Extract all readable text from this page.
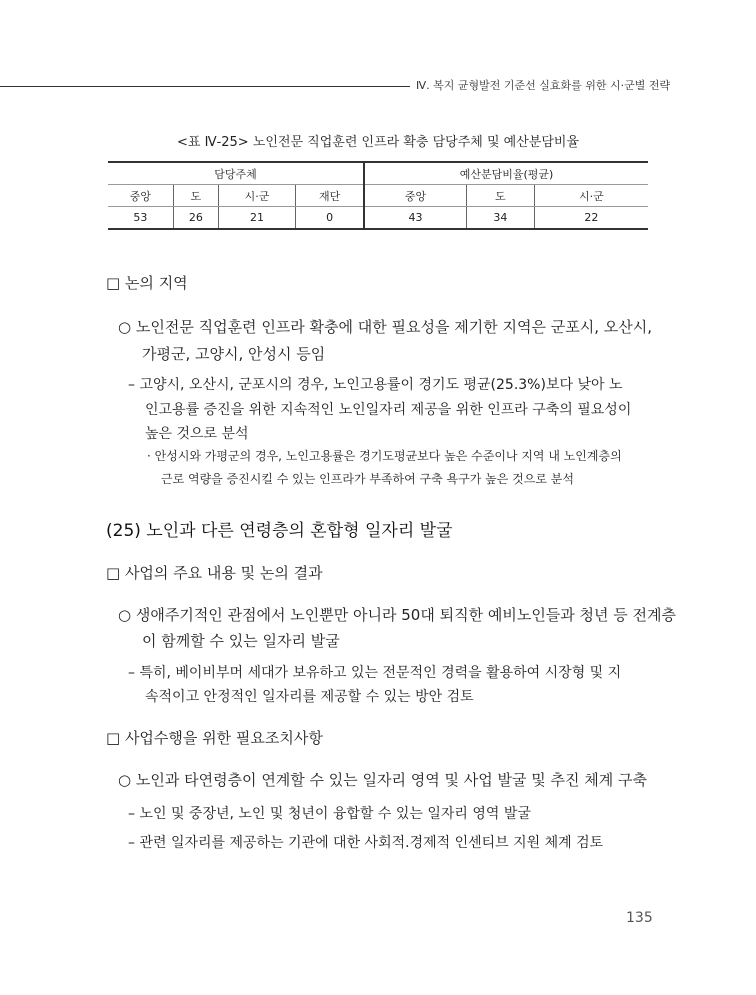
Ⅳ. 복지 균형발전 기준선 실효화를 위한 시·군별 전략
<표 Ⅳ-25> 노인전문 직업훈련 인프라 확충 담당주체 및 예산분담비율
담당주체				예산분담비율(평균)		
중앙	도	시·군	재단	중앙	도	시·군
53	26	21	0	43	34	22
□ 논의 지역
○ 노인전문 직업훈련 인프라 확충에 대한 필요성을 제기한 지역은 군포시, 오산시,
가평군, 고양시, 안성시 등임
– 고양시, 오산시, 군포시의 경우, 노인고용률이 경기도 평균(25.3%)보다 낮아 노
인고용률 증진을 위한 지속적인 노인일자리 제공을 위한 인프라 구축의 필요성이
높은 것으로 분석
· 안성시와 가평군의 경우, 노인고용률은 경기도평균보다 높은 수준이나 지역 내 노인계층의
근로 역량을 증진시킬 수 있는 인프라가 부족하여 구축 욕구가 높은 것으로 분석
(25) 노인과 다른 연령층의 혼합형 일자리 발굴
□ 사업의 주요 내용 및 논의 결과
○ 생애주기적인 관점에서 노인뿐만 아니라 50대 퇴직한 예비노인들과 청년 등 전계층
이 함께할 수 있는 일자리 발굴
– 특히, 베이비부머 세대가 보유하고 있는 전문적인 경력을 활용하여 시장형 및 지
속적이고 안정적인 일자리를 제공할 수 있는 방안 검토
□ 사업수행을 위한 필요조치사항
○ 노인과 타연령층이 연계할 수 있는 일자리 영역 및 사업 발굴 및 추진 체계 구축
– 노인 및 중장년, 노인 및 청년이 융합할 수 있는 일자리 영역 발굴
– 관련 일자리를 제공하는 기관에 대한 사회적.경제적 인센티브 지원 체계 검토
135
